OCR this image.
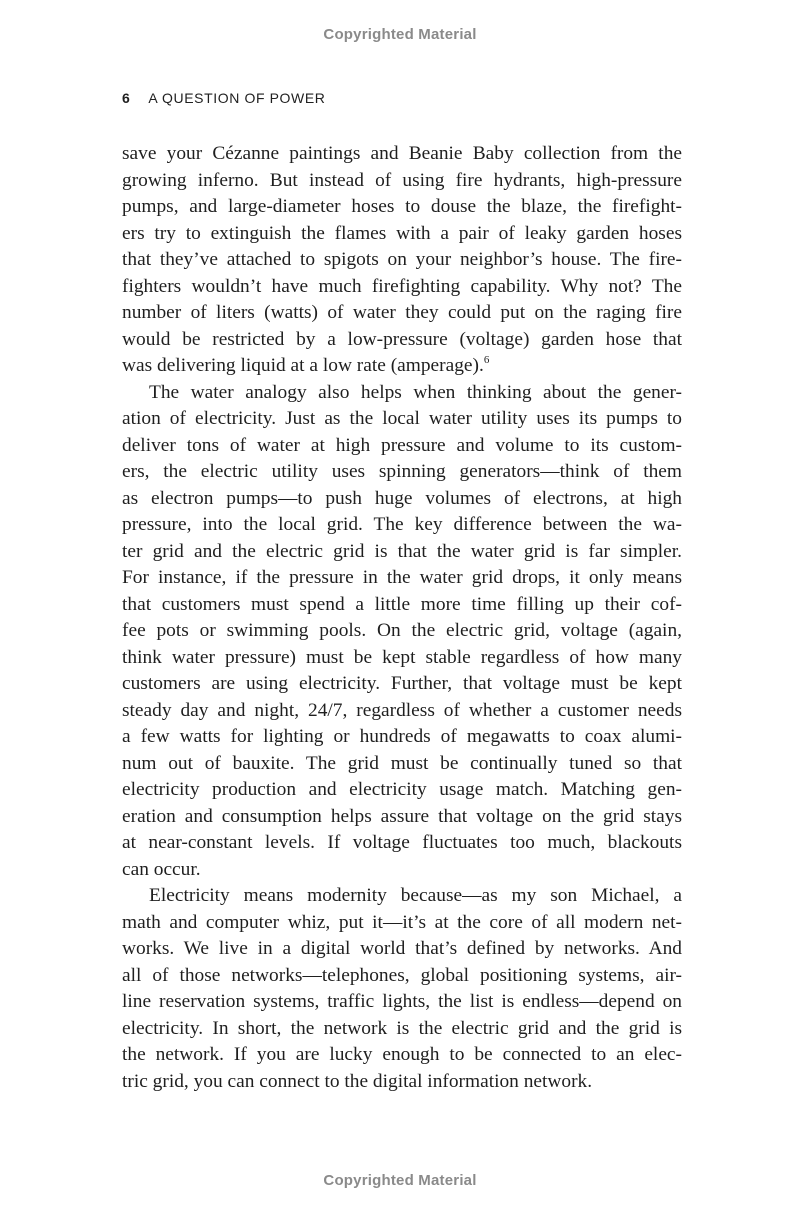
Copyrighted Material
6 A QUESTION OF POWER
save your Cézanne paintings and Beanie Baby collection from the
growing inferno. But instead of using fire hydrants, high-pressure
pumps, and large-diameter hoses to douse the blaze, the firefight-
ers try to extinguish the flames with a pair of leaky garden hoses
that they’ve attached to spigots on your neighbor’s house. The fire-
fighters wouldn’t have much firefighting capability. Why not? The
number of liters (watts) of water they could put on the raging fire
would be restricted by a low-pressure (voltage) garden hose that
was delivering liquid at a low rate (amperage).$^6$
The water analogy also helps when thinking about the gener-
ation of electricity. Just as the local water utility uses its pumps to
deliver tons of water at high pressure and volume to its custom-
ers, the electric utility uses spinning generators—think of them
as electron pumps—to push huge volumes of electrons, at high
pressure, into the local grid. The key difference between the wa-
ter grid and the electric grid is that the water grid is far simpler.
For instance, if the pressure in the water grid drops, it only means
that customers must spend a little more time filling up their cof-
fee pots or swimming pools. On the electric grid, voltage (again,
think water pressure) must be kept stable regardless of how many
customers are using electricity. Further, that voltage must be kept
steady day and night, 24/7, regardless of whether a customer needs
a few watts for lighting or hundreds of megawatts to coax alumi-
num out of bauxite. The grid must be continually tuned so that
electricity production and electricity usage match. Matching gen-
eration and consumption helps assure that voltage on the grid stays
at near-constant levels. If voltage fluctuates too much, blackouts
can occur.
Electricity means modernity because—as my son Michael, a
math and computer whiz, put it—it’s at the core of all modern net-
works. We live in a digital world that’s defined by networks. And
all of those networks—telephones, global positioning systems, air-
line reservation systems, traffic lights, the list is endless—depend on
electricity. In short, the network is the electric grid and the grid is
the network. If you are lucky enough to be connected to an elec-
tric grid, you can connect to the digital information network.
Copyrighted Material
